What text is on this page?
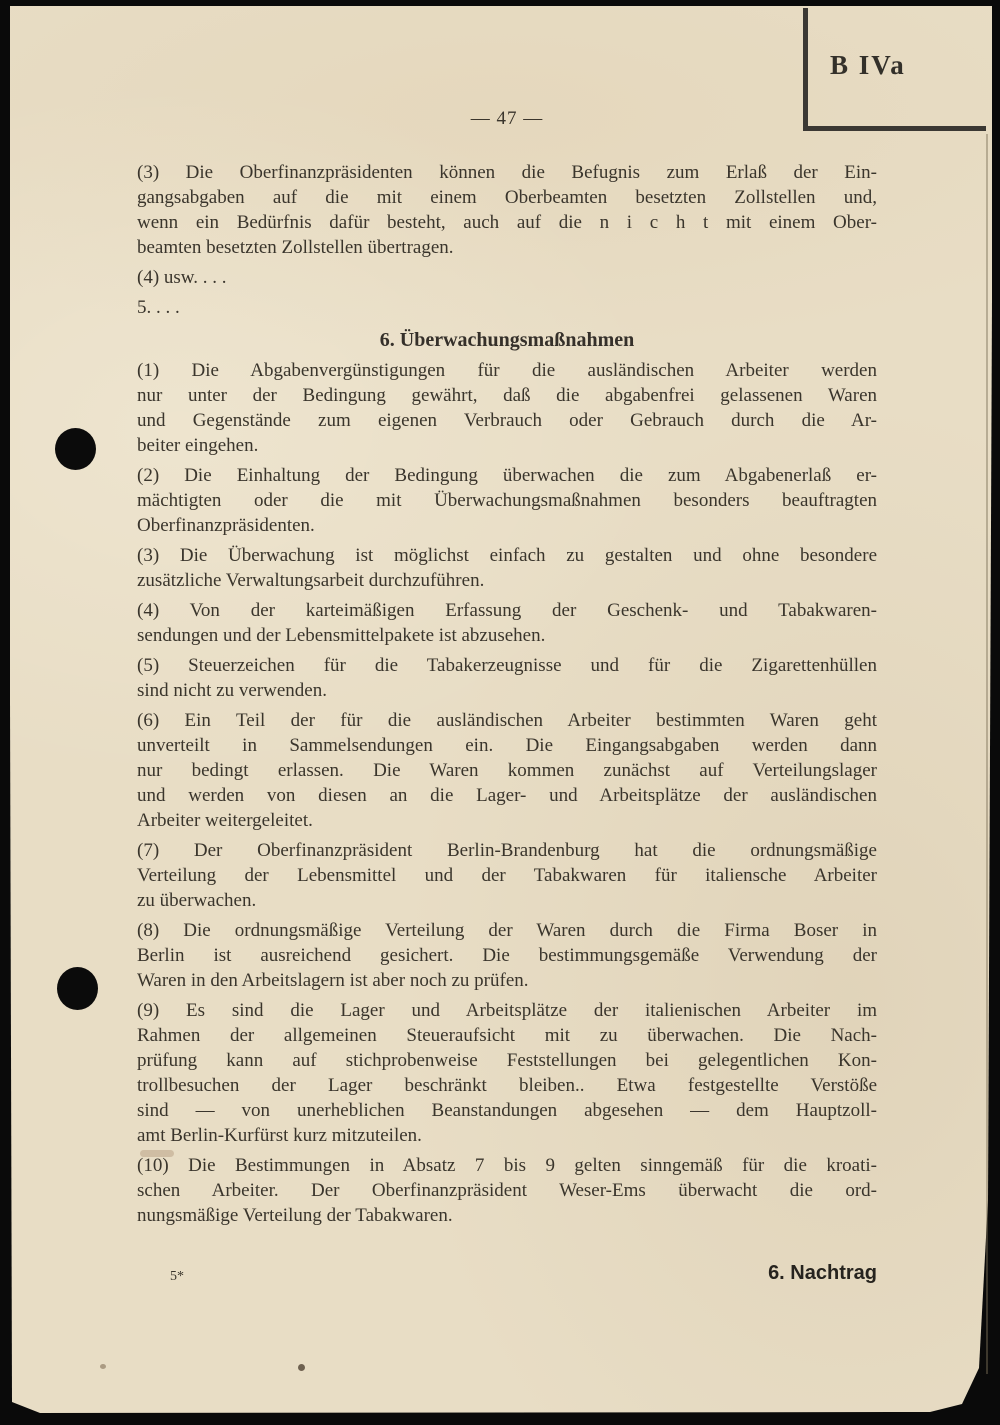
B IVa
— 47 —

(3) Die Oberfinanzpräsidenten können die Befugnis zum Erlaß der Ein-
gangsabgaben auf die mit einem Oberbeamten besetzten Zollstellen und,
wenn ein Bedürfnis dafür besteht, auch auf die n i c h t mit einem Ober-
beamten besetzten Zollstellen übertragen.

(4) usw. . . .

5. . . .

6. Überwachungsmaßnahmen

(1) Die Abgabenvergünstigungen für die ausländischen Arbeiter werden
nur unter der Bedingung gewährt, daß die abgabenfrei gelassenen Waren
und Gegenstände zum eigenen Verbrauch oder Gebrauch durch die Ar-
beiter eingehen.

(2) Die Einhaltung der Bedingung überwachen die zum Abgabenerlaß er-
mächtigten oder die mit Überwachungsmaßnahmen besonders beauftragten
Oberfinanzpräsidenten.

(3) Die Überwachung ist möglichst einfach zu gestalten und ohne besondere
zusätzliche Verwaltungsarbeit durchzuführen.

(4) Von der karteimäßigen Erfassung der Geschenk- und Tabakwaren-
sendungen und der Lebensmittelpakete ist abzusehen.

(5) Steuerzeichen für die Tabakerzeugnisse und für die Zigarettenhüllen
sind nicht zu verwenden.

(6) Ein Teil der für die ausländischen Arbeiter bestimmten Waren geht
unverteilt in Sammelsendungen ein. Die Eingangsabgaben werden dann
nur bedingt erlassen. Die Waren kommen zunächst auf Verteilungslager
und werden von diesen an die Lager- und Arbeitsplätze der ausländischen
Arbeiter weitergeleitet.

(7) Der Oberfinanzpräsident Berlin-Brandenburg hat die ordnungsmäßige
Verteilung der Lebensmittel und der Tabakwaren für italiensche Arbeiter
zu überwachen.

(8) Die ordnungsmäßige Verteilung der Waren durch die Firma Boser in
Berlin ist ausreichend gesichert. Die bestimmungsgemäße Verwendung der
Waren in den Arbeitslagern ist aber noch zu prüfen.

(9) Es sind die Lager und Arbeitsplätze der italienischen Arbeiter im
Rahmen der allgemeinen Steueraufsicht mit zu überwachen. Die Nach-
prüfung kann auf stichprobenweise Feststellungen bei gelegentlichen Kon-
trollbesuchen der Lager beschränkt bleiben.. Etwa festgestellte Verstöße
sind — von unerheblichen Beanstandungen abgesehen — dem Hauptzoll-
amt Berlin-Kurfürst kurz mitzuteilen.

(10) Die Bestimmungen in Absatz 7 bis 9 gelten sinngemäß für die kroati-
schen Arbeiter. Der Oberfinanzpräsident Weser-Ems überwacht die ord-
nungsmäßige Verteilung der Tabakwaren.

5*	6. Nachtrag
